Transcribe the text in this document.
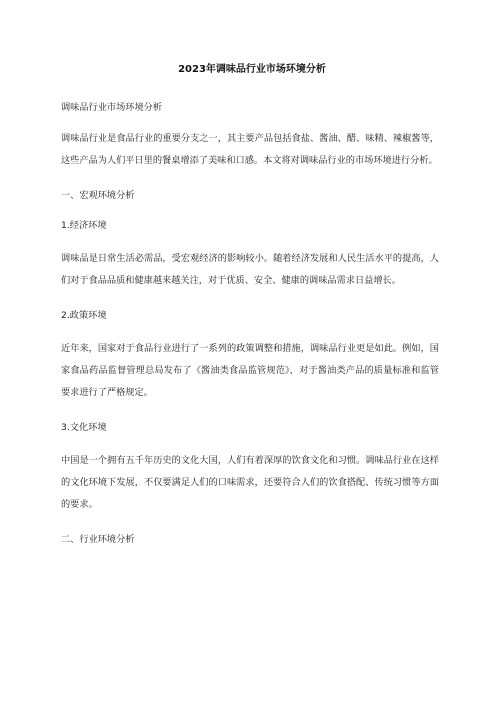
2023年调味品行业市场环境分析
调味品行业市场环境分析

调味品行业是食品行业的重要分支之一，其主要产品包括食盐、酱油、醋、味精、辣椒酱等，这些产品为人们平日里的餐桌增添了美味和口感。本文将对调味品行业的市场环境进行分析。

一、宏观环境分析
1.经济环境

调味品是日常生活必需品，受宏观经济的影响较小。随着经济发展和人民生活水平的提高，人们对于食品品质和健康越来越关注，对于优质、安全、健康的调味品需求日益增长。

2.政策环境

近年来，国家对于食品行业进行了一系列的政策调整和措施，调味品行业更是如此。例如，国家食品药品监督管理总局发布了《酱油类食品监管规范》，对于酱油类产品的质量标准和监管要求进行了严格规定。

3.文化环境

中国是一个拥有五千年历史的文化大国，人们有着深厚的饮食文化和习惯。调味品行业在这样的文化环境下发展，不仅要满足人们的口味需求，还要符合人们的饮食搭配、传统习惯等方面的要求。

二、行业环境分析
